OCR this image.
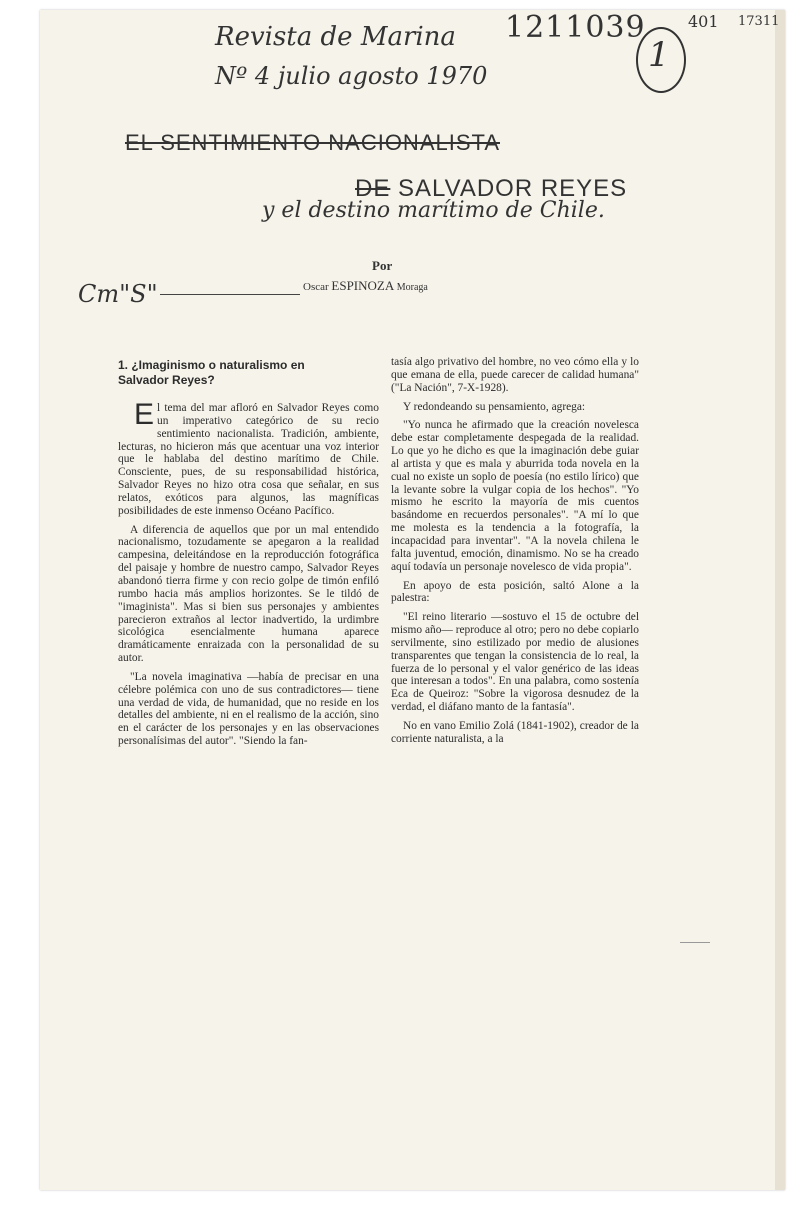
Revista de Marina
Nº 4 julio agosto 1970
1211039
1
401 17311
EL SENTIMIENTO NACIONALISTA
DE SALVADOR REYES
y el destino marítimo de Chile.
Por
Oscar ESPINOZA Moraga
Cm"S"
1. ¿Imaginismo o naturalismo en Salvador Reyes?

El tema del mar afloró en Salvador Reyes como un imperativo categórico de su recio sentimiento nacionalista. Tradición, ambiente, lecturas, no hicieron más que acentuar una voz interior que le hablaba del destino marítimo de Chile. Consciente, pues, de su responsabilidad histórica, Salvador Reyes no hizo otra cosa que señalar, en sus relatos, exóticos para algunos, las magníficas posibilidades de este inmenso Océano Pacífico.

A diferencia de aquellos que por un mal entendido nacionalismo, tozudamente se apegaron a la realidad campesina, deleitándose en la reproducción fotográfica del paisaje y hombre de nuestro campo, Salvador Reyes abandonó tierra firme y con recio golpe de timón enfiló rumbo hacia más amplios horizontes. Se le tildó de "imaginista". Mas si bien sus personajes y ambientes parecieron extraños al lector inadvertido, la urdimbre sicológica esencialmente humana aparece dramáticamente enraizada con la personalidad de su autor.

"La novela imaginativa —había de precisar en una célebre polémica con uno de sus contradictores— tiene una verdad de vida, de humanidad, que no reside en los detalles del ambiente, ni en el realismo de la acción, sino en el carácter de los personajes y en las observaciones personalísimas del autor". "Siendo la fan-

tasía algo privativo del hombre, no veo cómo ella y lo que emana de ella, puede carecer de calidad humana" ("La Nación", 7-X-1928).

Y redondeando su pensamiento, agrega:

"Yo nunca he afirmado que la creación novelesca debe estar completamente despegada de la realidad. Lo que yo he dicho es que la imaginación debe guiar al artista y que es mala y aburrida toda novela en la cual no existe un soplo de poesía (no estilo lírico) que la levante sobre la vulgar copia de los hechos". "Yo mismo he escrito la mayoría de mis cuentos basándome en recuerdos personales". "A mí lo que me molesta es la tendencia a la fotografía, la incapacidad para inventar". "A la novela chilena le falta juventud, emoción, dinamismo. No se ha creado aquí todavía un personaje novelesco de vida propia".

En apoyo de esta posición, saltó Alone a la palestra:

"El reino literario —sostuvo el 15 de octubre del mismo año— reproduce al otro; pero no debe copiarlo servilmente, sino estilizado por medio de alusiones transparentes que tengan la consistencia de lo real, la fuerza de lo personal y el valor genérico de las ideas que interesan a todos". En una palabra, como sostenía Eca de Queiroz: "Sobre la vigorosa desnudez de la verdad, el diáfano manto de la fantasía".

No en vano Emilio Zolá (1841-1902), creador de la corriente naturalista, a la
